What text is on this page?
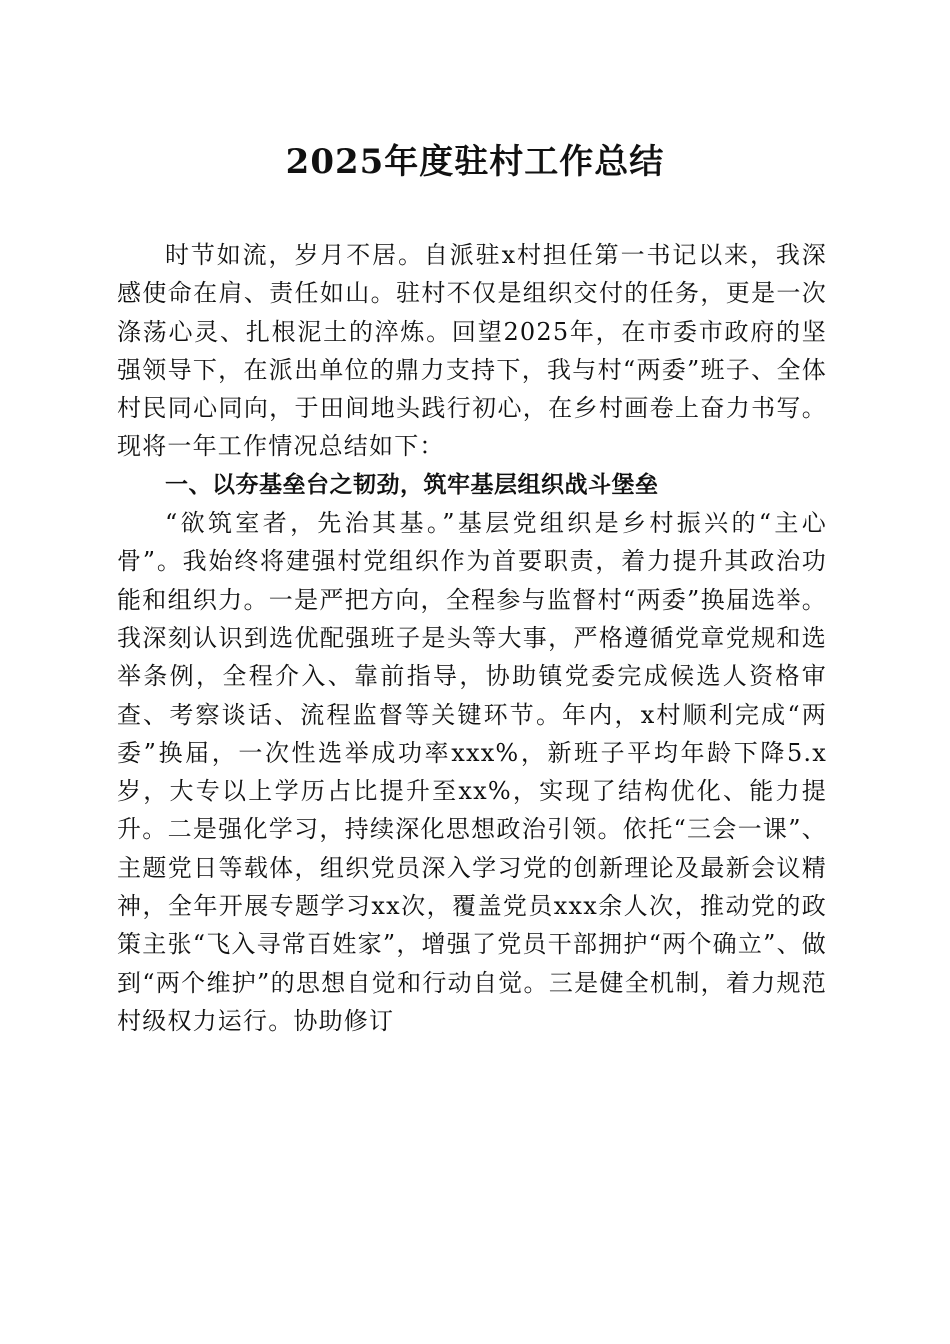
2025年度驻村工作总结

时节如流，岁月不居。自派驻x村担任第一书记以来，我深感使命在肩、责任如山。驻村不仅是组织交付的任务，更是一次涤荡心灵、扎根泥土的淬炼。回望2025年，在市委市政府的坚强领导下，在派出单位的鼎力支持下，我与村“两委”班子、全体村民同心同向，于田间地头践行初心，在乡村画卷上奋力书写。现将一年工作情况总结如下：

一、以夯基垒台之韧劲，筑牢基层组织战斗堡垒

“欲筑室者，先治其基。”基层党组织是乡村振兴的“主心骨”。我始终将建强村党组织作为首要职责，着力提升其政治功能和组织力。一是严把方向，全程参与监督村“两委”换届选举。我深刻认识到选优配强班子是头等大事，严格遵循党章党规和选举条例，全程介入、靠前指导，协助镇党委完成候选人资格审查、考察谈话、流程监督等关键环节。年内，x村顺利完成“两委”换届，一次性选举成功率xxx%，新班子平均年龄下降5.x岁，大专以上学历占比提升至xx%，实现了结构优化、能力提升。二是强化学习，持续深化思想政治引领。依托“三会一课”、主题党日等载体，组织党员深入学习党的创新理论及最新会议精神，全年开展专题学习xx次，覆盖党员xxx余人次，推动党的政策主张“飞入寻常百姓家”，增强了党员干部拥护“两个确立”、做到“两个维护”的思想自觉和行动自觉。三是健全机制，着力规范村级权力运行。协助修订
